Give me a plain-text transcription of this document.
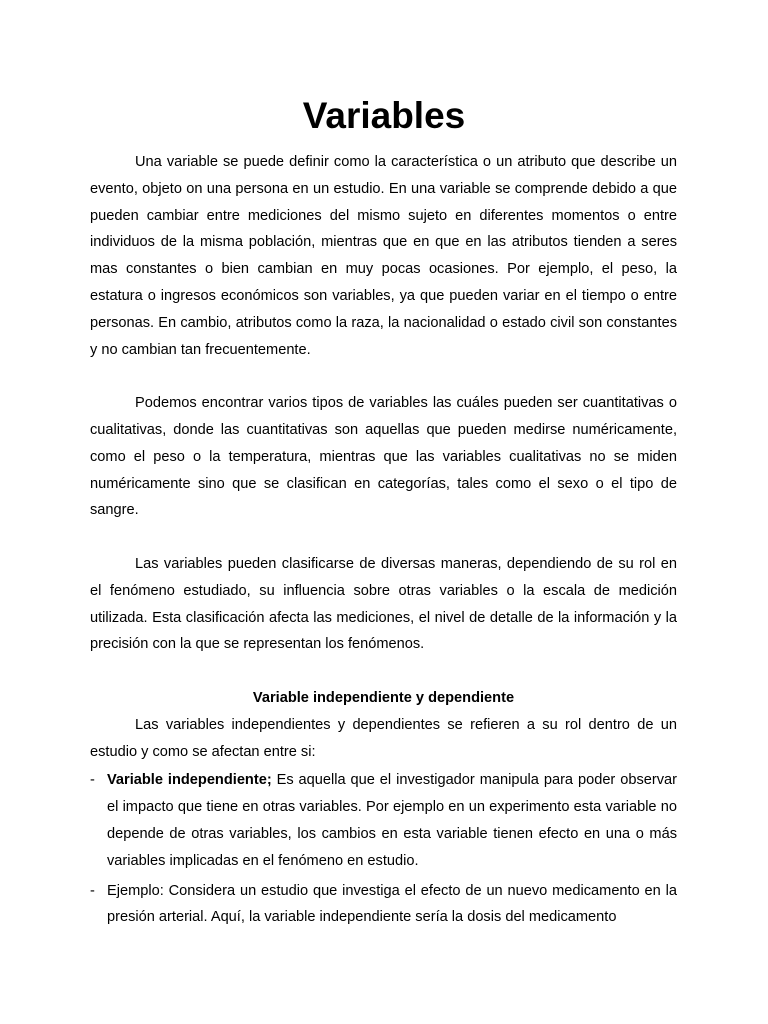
Variables

Una variable se puede definir como la característica o un atributo que describe un evento, objeto on una persona en un estudio. En una variable se comprende debido a que pueden cambiar entre mediciones del mismo sujeto en diferentes momentos o entre individuos de la misma población, mientras que en que en las atributos tienden a seres mas constantes o bien cambian en muy pocas ocasiones. Por ejemplo, el peso, la estatura o ingresos económicos son variables, ya que pueden variar en el tiempo o entre personas. En cambio, atributos como la raza, la nacionalidad o estado civil son constantes y no cambian tan frecuentemente.

Podemos encontrar varios tipos de variables las cuáles pueden ser cuantitativas o cualitativas, donde las cuantitativas son aquellas que pueden medirse numéricamente, como el peso o la temperatura, mientras que las variables cualitativas no se miden numéricamente sino que se clasifican en categorías, tales como el sexo o el tipo de sangre.

Las variables pueden clasificarse de diversas maneras, dependiendo de su rol en el fenómeno estudiado, su influencia sobre otras variables o la escala de medición utilizada. Esta clasificación afecta las mediciones, el nivel de detalle de la información y la precisión con la que se representan los fenómenos.

Variable independiente y dependiente

Las variables independientes y dependientes se refieren a su rol dentro de un estudio y como se afectan entre si:

- Variable independiente; Es aquella que el investigador manipula para poder observar el impacto que tiene en otras variables. Por ejemplo en un experimento esta variable no depende de otras variables, los cambios en esta variable tienen efecto en una o más variables implicadas en el fenómeno en estudio.
- Ejemplo: Considera un estudio que investiga el efecto de un nuevo medicamento en la presión arterial. Aquí, la variable independiente sería la dosis del medicamento
